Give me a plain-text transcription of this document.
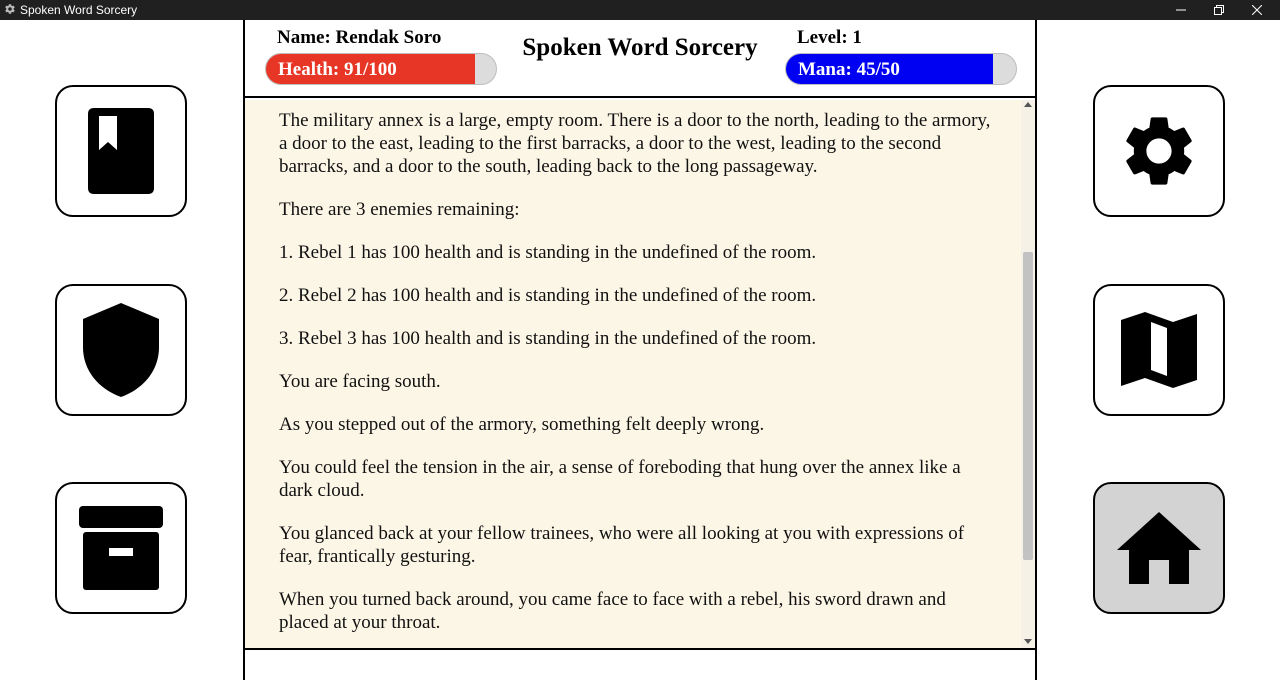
Spoken Word Sorcery
Name: Rendak Soro	Spoken Word Sorcery	Level: 1
Health: 91/100	Mana: 45/50

The military annex is a large, empty room. There is a door to the north, leading to the armory, a door to the east, leading to the first barracks, a door to the west, leading to the second barracks, and a door to the south, leading back to the long passageway.

There are 3 enemies remaining:

1. Rebel 1 has 100 health and is standing in the undefined of the room.

2. Rebel 2 has 100 health and is standing in the undefined of the room.

3. Rebel 3 has 100 health and is standing in the undefined of the room.

You are facing south.

As you stepped out of the armory, something felt deeply wrong.

You could feel the tension in the air, a sense of foreboding that hung over the annex like a dark cloud.

You glanced back at your fellow trainees, who were all looking at you with expressions of fear, frantically gesturing.

When you turned back around, you came face to face with a rebel, his sword drawn and placed at your throat.
